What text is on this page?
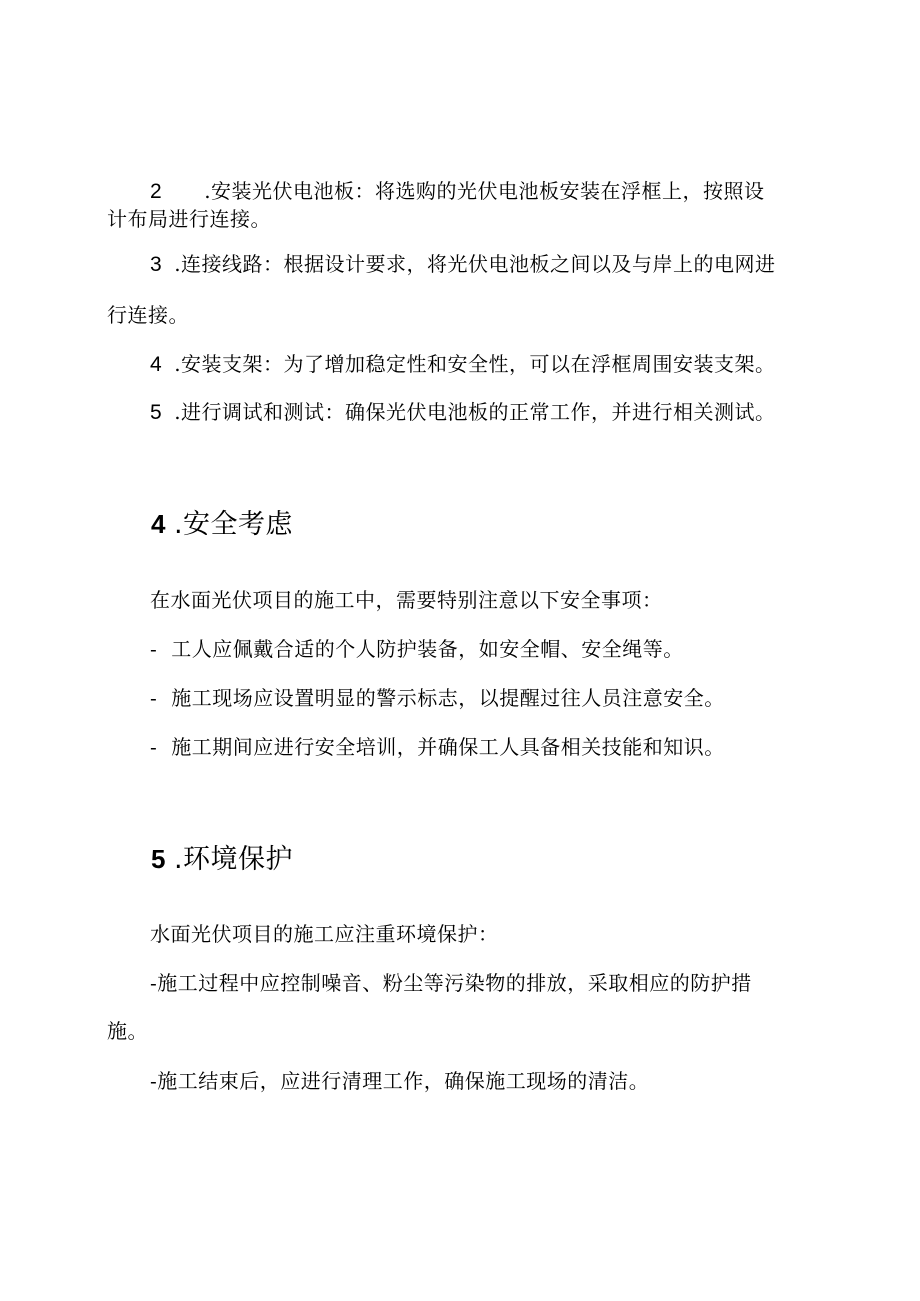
2 .安装光伏电池板：将选购的光伏电池板安装在浮框上，按照设
计布局进行连接。
3 .连接线路：根据设计要求，将光伏电池板之间以及与岸上的电网进
行连接。
4 .安装支架：为了增加稳定性和安全性，可以在浮框周围安装支架。
5 .进行调试和测试：确保光伏电池板的正常工作，并进行相关测试。
4 .安全考虑
在水面光伏项目的施工中，需要特别注意以下安全事项：
- 工人应佩戴合适的个人防护装备，如安全帽、安全绳等。
- 施工现场应设置明显的警示标志，以提醒过往人员注意安全。
- 施工期间应进行安全培训，并确保工人具备相关技能和知识。
5 .环境保护
水面光伏项目的施工应注重环境保护：
-施工过程中应控制噪音、粉尘等污染物的排放，采取相应的防护措
施。
-施工结束后，应进行清理工作，确保施工现场的清洁。
